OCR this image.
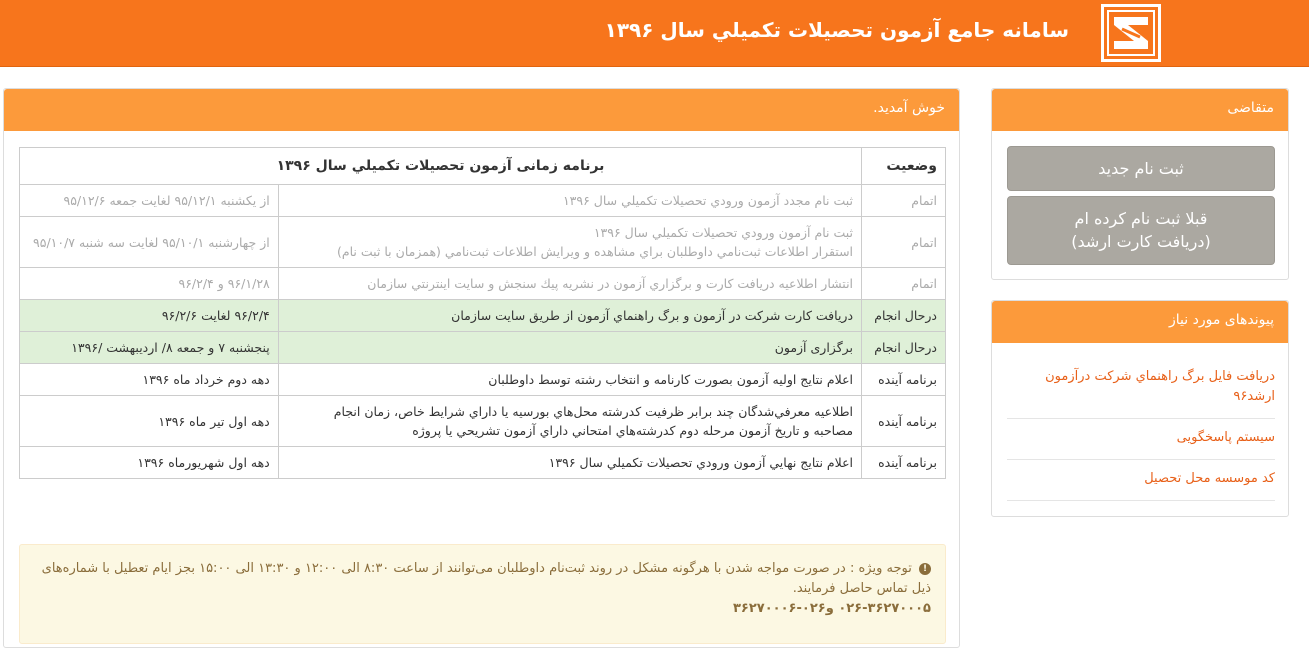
سامانه جامع آزمون تحصيلات تكميلي سال ۱۳۹۶
خوش آمدید.
وضعیت	برنامه زمانی آزمون تحصیلات تکمیلي سال ۱۳۹۶	
اتمام	ثبت نام مجدد آزمون ورودي تحصيلات تكميلي سال ۱۳۹۶	از یکشنبه ۹۵/۱۲/۱ لغایت جمعه ۹۵/۱۲/۶
اتمام	ثبت نام آزمون ورودي تحصيلات تكميلي سال ۱۳۹۶
استقرار اطلاعات ثبت‌نامي داوطلبان براي مشاهده و ويرايش اطلاعات ثبت‌نامي (همزمان با ثبت نام)	از چهارشنبه ۹۵/۱۰/۱ لغایت سه شنبه ۹۵/۱۰/۷
اتمام	انتشار اطلاعيه دريافت كارت و برگزاري آزمون در نشريه پيك سنجش و سايت اينترنتي سازمان	۹۶/۱/۲۸ و ۹۶/۲/۴
درحال انجام	دريافت كارت شركت در آزمون و برگ راهنماي آزمون از طريق سايت سازمان	۹۶/۲/۴ لغایت ۹۶/۲/۶
درحال انجام	برگزاری آزمون	پنجشنبه ۷ و جمعه ۸/ اردیبهشت /۱۳۹۶
برنامه آینده	اعلام نتايج اوليه آزمون بصورت كارنامه و انتخاب رشته توسط داوطلبان	دهه دوم خرداد ماه ۱۳۹۶
برنامه آینده	اطلاعيه معرفي‌شدگان چند برابر ظرفيت كدرشته محل‌هاي بورسيه يا داراي شرايط خاص، زمان انجام
مصاحبه و تاريخ آزمون مرحله دوم كدرشته‌هاي امتحاني داراي آزمون تشريحي يا پروژه	دهه اول تیر ماه ۱۳۹۶
برنامه آینده	اعلام نتايج نهايي آزمون ورودي تحصيلات تكميلي سال ۱۳۹۶	دهه اول شهریورماه ۱۳۹۶
! توجه ویژه : در صورت مواجه شدن با هرگونه مشکل در روند ثبت‌نام داوطلبان می‌توانند از ساعت ۸:۳۰ الی ۱۲:۰۰ و ۱۳:۳۰ الی ۱۵:۰۰ بجز ایام تعطیل با شماره‌های ذیل تماس حاصل فرمایند.
۰۲۶-۳۶۲۷۰۰۰۵ و۰۲۶-۳۶۲۷۰۰۰۶
متقاضی
ثبت نام جدید
قبلا ثبت نام کرده ام
(دریافت کارت ارشد)
پیوندهای مورد نیاز
دريافت فايل برگ راهنماي شركت درآزمون ارشد۹۶
سیستم پاسخگویی
کد موسسه محل تحصیل
